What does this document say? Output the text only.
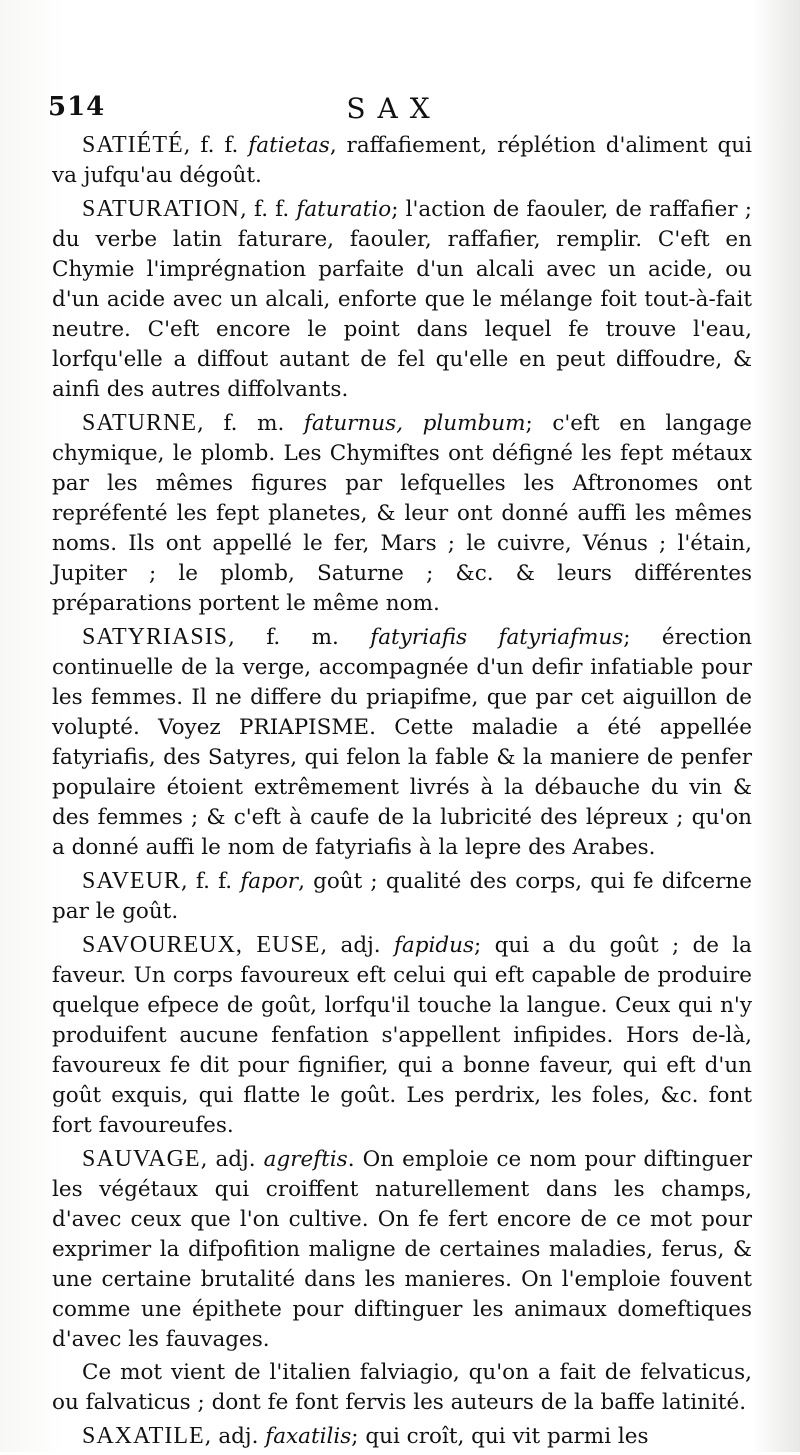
514	SAX

SATIÉTÉ, f. f. fatietas, raffafiement, réplétion d'aliment qui va jufqu'au dégoût.

SATURATION, f. f. faturatio; l'action de faouler, de raffafier ; du verbe latin faturare, faouler, raffafier, remplir. C'eft en Chymie l'imprégnation parfaite d'un alcali avec un acide, ou d'un acide avec un alcali, enforte que le mélange foit tout-à-fait neutre. C'eft encore le point dans lequel fe trouve l'eau, lorfqu'elle a diffout autant de fel qu'elle en peut diffoudre, & ainfi des autres diffolvants.

SATURNE, f. m. faturnus, plumbum; c'eft en langage chymique, le plomb. Les Chymiftes ont défigné les fept métaux par les mêmes figures par lefquelles les Aftronomes ont repréfenté les fept planetes, & leur ont donné auffi les mêmes noms. Ils ont appellé le fer, Mars ; le cuivre, Vénus ; l'étain, Jupiter ; le plomb, Saturne ; &c. & leurs différentes préparations portent le même nom.

SATYRIASIS, f. m. fatyriafis fatyriafmus; érection continuelle de la verge, accompagnée d'un defir infatiable pour les femmes. Il ne differe du priapifme, que par cet aiguillon de volupté. Voyez PRIAPISME. Cette maladie a été appellée fatyriafis, des Satyres, qui felon la fable & la maniere de penfer populaire étoient extrêmement livrés à la débauche du vin & des femmes ; & c'eft à caufe de la lubricité des lépreux ; qu'on a donné auffi le nom de fatyriafis à la lepre des Arabes.

SAVEUR, f. f. fapor, goût ; qualité des corps, qui fe difcerne par le goût.

SAVOUREUX, EUSE, adj. fapidus; qui a du goût ; de la faveur. Un corps favoureux eft celui qui eft capable de produire quelque efpece de goût, lorfqu'il touche la langue. Ceux qui n'y produifent aucune fenfation s'appellent infipides. Hors de-là, favoureux fe dit pour fignifier, qui a bonne faveur, qui eft d'un goût exquis, qui flatte le goût. Les perdrix, les foles, &c. font fort favoureufes.

SAUVAGE, adj. agreftis. On emploie ce nom pour diftinguer les végétaux qui croiffent naturellement dans les champs, d'avec ceux que l'on cultive. On fe fert encore de ce mot pour exprimer la difpofition maligne de certaines maladies, ferus, & une certaine brutalité dans les manieres. On l'emploie fouvent comme une épithete pour diftinguer les animaux domeftiques d'avec les fauvages.

Ce mot vient de l'italien falviagio, qu'on a fait de felvaticus, ou falvaticus ; dont fe font fervis les auteurs de la baffe latinité.

SAXATILE, adj. faxatilis; qui croît, qui vit parmi les
